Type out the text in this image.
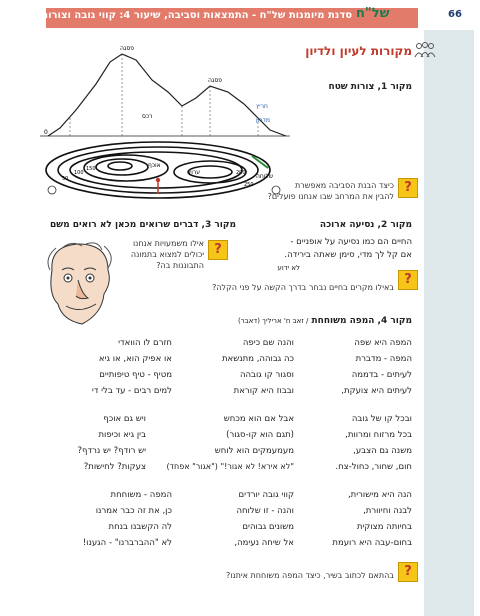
סדנת מיומנות של"ח - התמצאות וסביבה, שיעור 4: קווי גובה וצורות תבליט של"ח	66
מקורות לעיון ולדיון
מקור 1, צורות שטח
פסגה
פסגה
רכס
אוכף
ערוץ
שלוחה
חריץ
מדרון
0
50
100
150
200
250	?
כיצד הבנת הסביבה מאפשרת
להבין את המרחב שבו אנחנו פועלים?
מקור 2, נסיעה ארוכה
החיים הם כמו נסיעה על אופניים -
אם קל לך מדי, סימן שאתה בירידה.
לא ידוע
?
באילו מקרים בחיים נבחר בדרך הקשה על פני הקלה?
מקור 3, דברים שרואים מכאן לא רואים משם
?
אילו משמעויות אנחנו
יכולים למצוא בתמונה
התבוננות בה?
מקור 4, המפה משוחחת / זאב ח' אריליך (דאבר)
המפה היא שפה
המפה - מדברת
לעיתים - בדממה
לעיתים היא צועקת,
והנה שם כיפה
כה גבוהה, מתנשאת
וסגור קו גובהה
ובבוז היא קוראת
חזרם לו הוואדי
או אפיק הוא, או גיא
מטיף - טיף טיפותיים
למים רבים - עד בלי די
ובכל קו של גובה
בכל מרזוח ומרוות,
משנה גם הצבע,
חום, שחור, כחול-צח.
אבל אם הוא מכחש
(תגם הוא קו-סגור)
מעמעמקים הוא לוחש
"לא אירא! לא אגור!" ("אגור" אפחד)
ויש גם אוכף
בין גיא וכיפות
יש רודף? יש נרדף?
צעקות? לחישות?
הנה היא מישורית,
לבנה וחיוורת,
בחיותה מצוקית
בחום-עבה היא רועמת
קווי גובה יורדים
והנה - זו שלוחה
משונים גבוהים
אל שיחה נעימה,
המפה - משוחחת
כן, את זה כבר אמרנו
לה הקשבנו בנחת
לא "ההברברנו" - הגענו!
?
בהתאם לכתוב בשיר, כיצד המפה משוחחת איתנו?
